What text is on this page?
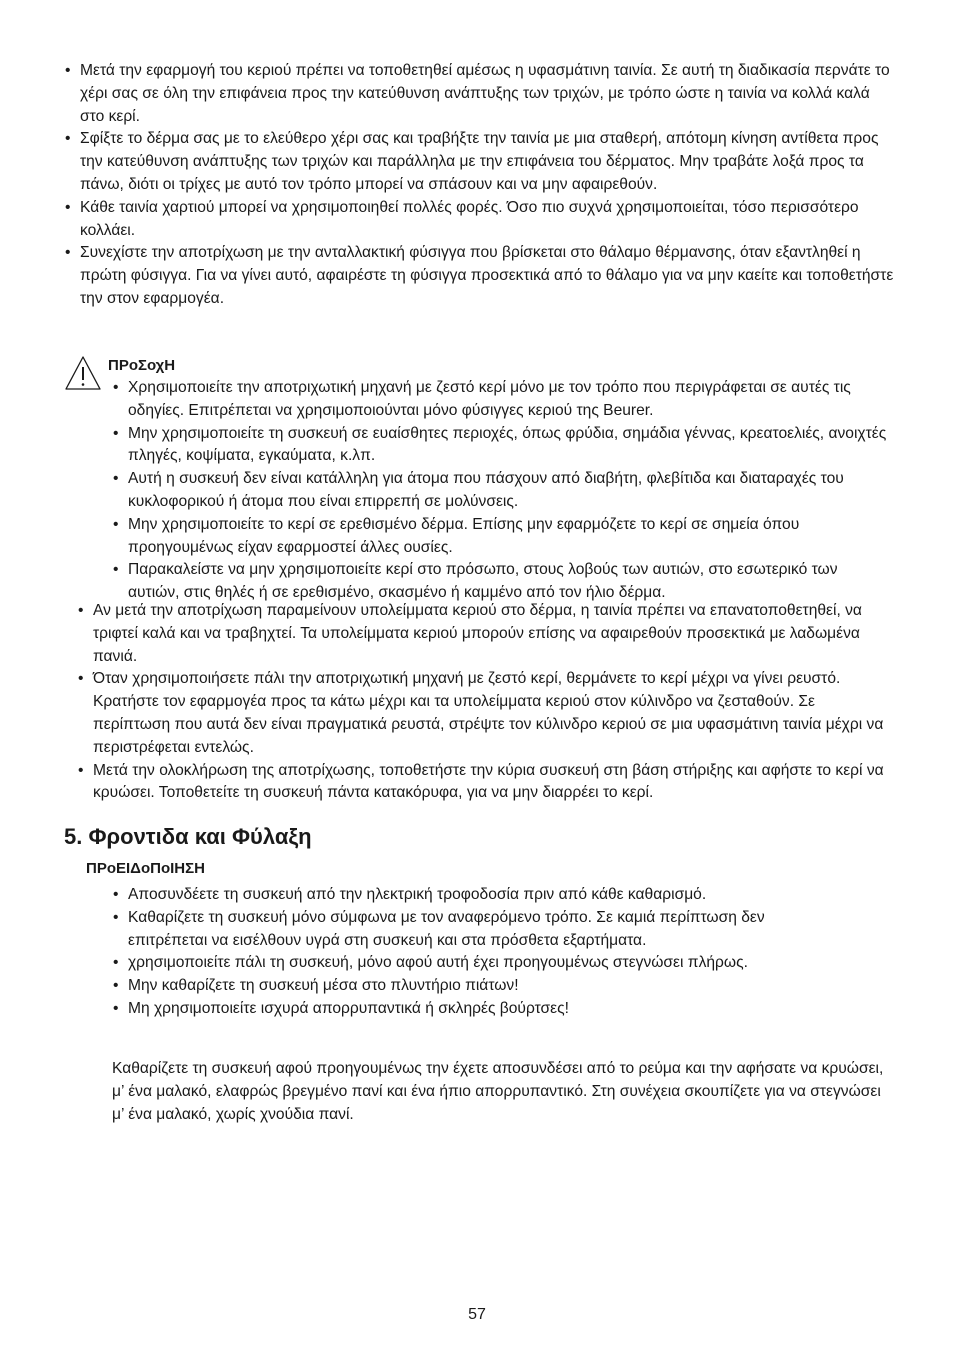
• Μετά την εφαρμογή του κεριού πρέπει να τοποθετηθεί αμέσως η υφασμάτινη ταινία. Σε αυτή τη διαδικασία περνάτε το χέρι σας σε όλη την επιφάνεια προς την κατεύθυνση ανάπτυξης των τριχών, με τρόπο ώστε η ταινία να κολλά καλά στο κερί.

• Σφίξτε το δέρμα σας με το ελεύθερο χέρι σας και τραβήξτε την ταινία με μια σταθερή, απότομη κίνηση αντίθετα προς την κατεύθυνση ανάπτυξης των τριχών και παράλληλα με την επιφάνεια του δέρματος. Μην τραβάτε λοξά προς τα πάνω, διότι οι τρίχες με αυτό τον τρόπο μπορεί να σπάσουν και να μην αφαιρεθούν.

• Κάθε ταινία χαρτιού μπορεί να χρησιμοποιηθεί πολλές φορές. Όσο πιο συχνά χρησιμοποιείται, τόσο περισσότερο κολλάει.

• Συνεχίστε την αποτρίχωση με την ανταλλακτική φύσιγγα που βρίσκεται στο θάλαμο θέρμανσης, όταν εξαντληθεί η πρώτη φύσιγγα. Για να γίνει αυτό, αφαιρέστε τη φύσιγγα προσεκτικά από το θάλαμο για να μην καείτε και τοποθετήστε την στον εφαρμογέα.

ΠΡοΣοχΗ

• Χρησιμοποιείτε την αποτριχωτική μηχανή με ζεστό κερί μόνο με τον τρόπο που περιγράφεται σε αυτές τις οδηγίες. Επιτρέπεται να χρησιμοποιούνται μόνο φύσιγγες κεριού της Beurer.

• Μην χρησιμοποιείτε τη συσκευή σε ευαίσθητες περιοχές, όπως φρύδια, σημάδια γέννας, κρεατοελιές, ανοιχτές πληγές, κοψίματα, εγκαύματα, κ.λπ.

• Αυτή η συσκευή δεν είναι κατάλληλη για άτομα που πάσχουν από διαβήτη, φλεβίτιδα και διαταραχές του κυκλοφορικού ή άτομα που είναι επιρρεπή σε μολύνσεις.

• Μην χρησιμοποιείτε το κερί σε ερεθισμένο δέρμα. Επίσης μην εφαρμόζετε το κερί σε σημεία όπου προηγουμένως είχαν εφαρμοστεί άλλες ουσίες.

• Παρακαλείστε να μην χρησιμοποιείτε κερί στο πρόσωπο, στους λοβούς των αυτιών, στο εσωτερικό των αυτιών, στις θηλές ή σε ερεθισμένο, σκασμένο ή καμμένο από τον ήλιο δέρμα.

• Αν μετά την αποτρίχωση παραμείνουν υπολείμματα κεριού στο δέρμα, η ταινία πρέπει να επανατοποθετηθεί, να τριφτεί καλά και να τραβηχτεί. Τα υπολείμματα κεριού μπορούν επίσης να αφαιρεθούν προσεκτικά με λαδωμένα πανιά.

• Όταν χρησιμοποιήσετε πάλι την αποτριχωτική μηχανή με ζεστό κερί, θερμάνετε το κερί μέχρι να γίνει ρευστό. Κρατήστε τον εφαρμογέα προς τα κάτω μέχρι και τα υπολείμματα κεριού στον κύλινδρο να ζεσταθούν. Σε περίπτωση που αυτά δεν είναι πραγματικά ρευστά, στρέψτε τον κύλινδρο κεριού σε μια υφασμάτινη ταινία μέχρι να περιστρέφεται εντελώς.

• Μετά την ολοκλήρωση της αποτρίχωσης, τοποθετήστε την κύρια συσκευή στη βάση στήριξης και αφήστε το κερί να κρυώσει. Τοποθετείτε τη συσκευή πάντα κατακόρυφα, για να μην διαρρέει το κερί.

5. Φροντιδα και Φύλαξη
ΠΡοΕΙΔοΠοΙΗΣΗ

• Αποσυνδέετε τη συσκευή από την ηλεκτρική τροφοδοσία πριν από κάθε καθαρισμό.

• Καθαρίζετε τη συσκευή μόνο σύμφωνα με τον αναφερόμενο τρόπο. Σε καμιά περίπτωση δεν επιτρέπεται να εισέλθουν υγρά στη συσκευή και στα πρόσθετα εξαρτήματα.

• χρησιμοποιείτε πάλι τη συσκευή, μόνο αφού αυτή έχει προηγουμένως στεγνώσει πλήρως.

• Μην καθαρίζετε τη συσκευή μέσα στο πλυντήριο πιάτων!

• Μη χρησιμοποιείτε ισχυρά απορρυπαντικά ή σκληρές βούρτσες!

Καθαρίζετε τη συσκευή αφού προηγουμένως την έχετε αποσυνδέσει από το ρεύμα και την αφήσατε να κρυώσει, μ’ ένα μαλακό, ελαφρώς βρεγμένο πανί και ένα ήπιο απορρυπαντικό. Στη συνέχεια σκουπίζετε για να στεγνώσει μ’ ένα μαλακό, χωρίς χνούδια πανί.

57
